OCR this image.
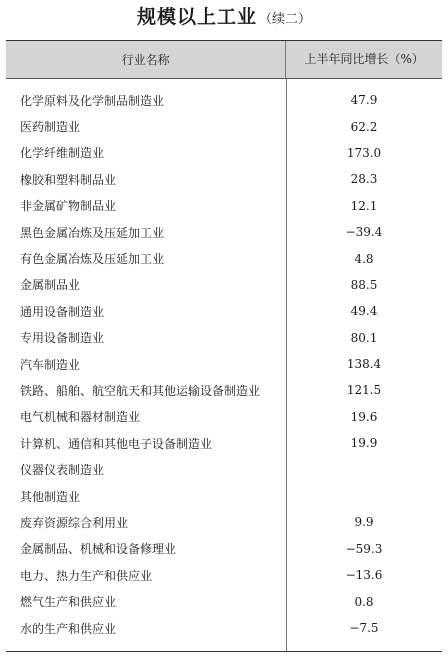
规模以上工业 （续二）
行业名称	上半年同比增长（%）
化学原料及化学制品制造业	47.9
医药制造业	62.2
化学纤维制造业	173.0
橡胶和塑料制品业	28.3
非金属矿物制品业	12.1
黑色金属冶炼及压延加工业	−39.4
有色金属冶炼及压延加工业	4.8
金属制品业	88.5
通用设备制造业	49.4
专用设备制造业	80.1
汽车制造业	138.4
铁路、船舶、航空航天和其他运输设备制造业	121.5
电气机械和器材制造业	19.6
计算机、通信和其他电子设备制造业	19.9
仪器仪表制造业
其他制造业
废弃资源综合利用业	9.9
金属制品、机械和设备修理业	−59.3
电力、热力生产和供应业	−13.6
燃气生产和供应业	0.8
水的生产和供应业	−7.5
